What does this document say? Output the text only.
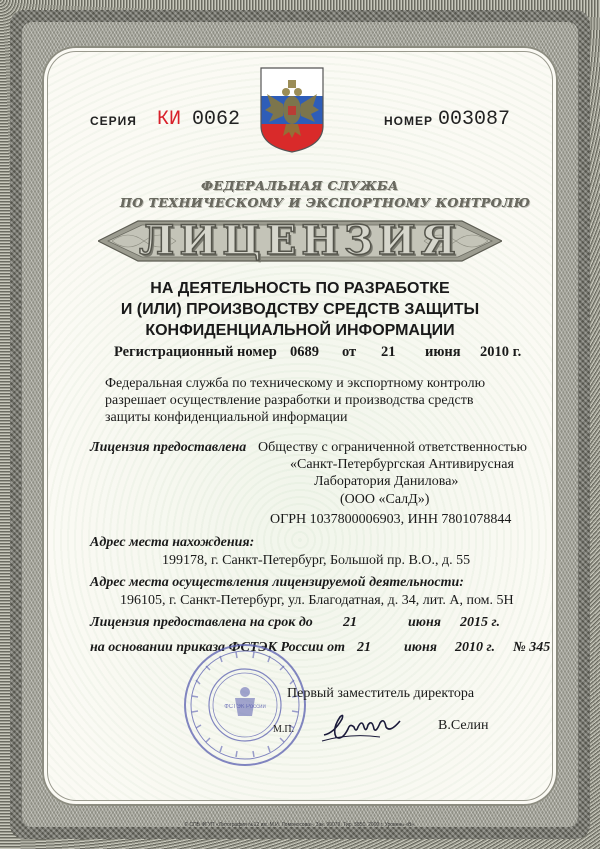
СЕРИЯ КИ 0062	НОМЕР 003087
ФЕДЕРАЛЬНАЯ СЛУЖБА
ПО ТЕХНИЧЕСКОМУ И ЭКСПОРТНОМУ КОНТРОЛЮ
ЛИЦЕНЗИЯ
НА ДЕЯТЕЛЬНОСТЬ ПО РАЗРАБОТКЕ
И (ИЛИ) ПРОИЗВОДСТВУ СРЕДСТВ ЗАЩИТЫ
КОНФИДЕНЦИАЛЬНОЙ ИНФОРМАЦИИ
Регистрационный номер 0689 от 21 июня 2010 г.
Федеральная служба по техническому и экспортному контролю
разрешает осуществление разработки и производства средств
защиты конфиденциальной информации
Лицензия предоставлена Обществу с ограниченной ответственностью
«Санкт-Петербургская Антивирусная
Лаборатория Данилова»
(ООО «СалД»)
ОГРН 1037800006903, ИНН 7801078844
Адрес места нахождения:
199178, г. Санкт-Петербург, Большой пр. В.О., д. 55
Адрес места осуществления лицензируемой деятельности:
196105, г. Санкт-Петербург, ул. Благодатная, д. 34, лит. А, пом. 5Н
Лицензия предоставлена на срок до 21	июня 2015 г.
на основании приказа ФСТЭК России от 21 июня 2010 г. № 345
ФСТЭК России
М.П.
Первый заместитель директора
В.Селин
© СПБ ФГУП «Литография №12 им. М.И. Ломоносова». Зак. 90079. Тир. 5850. 2009 г. Уровень «В».
